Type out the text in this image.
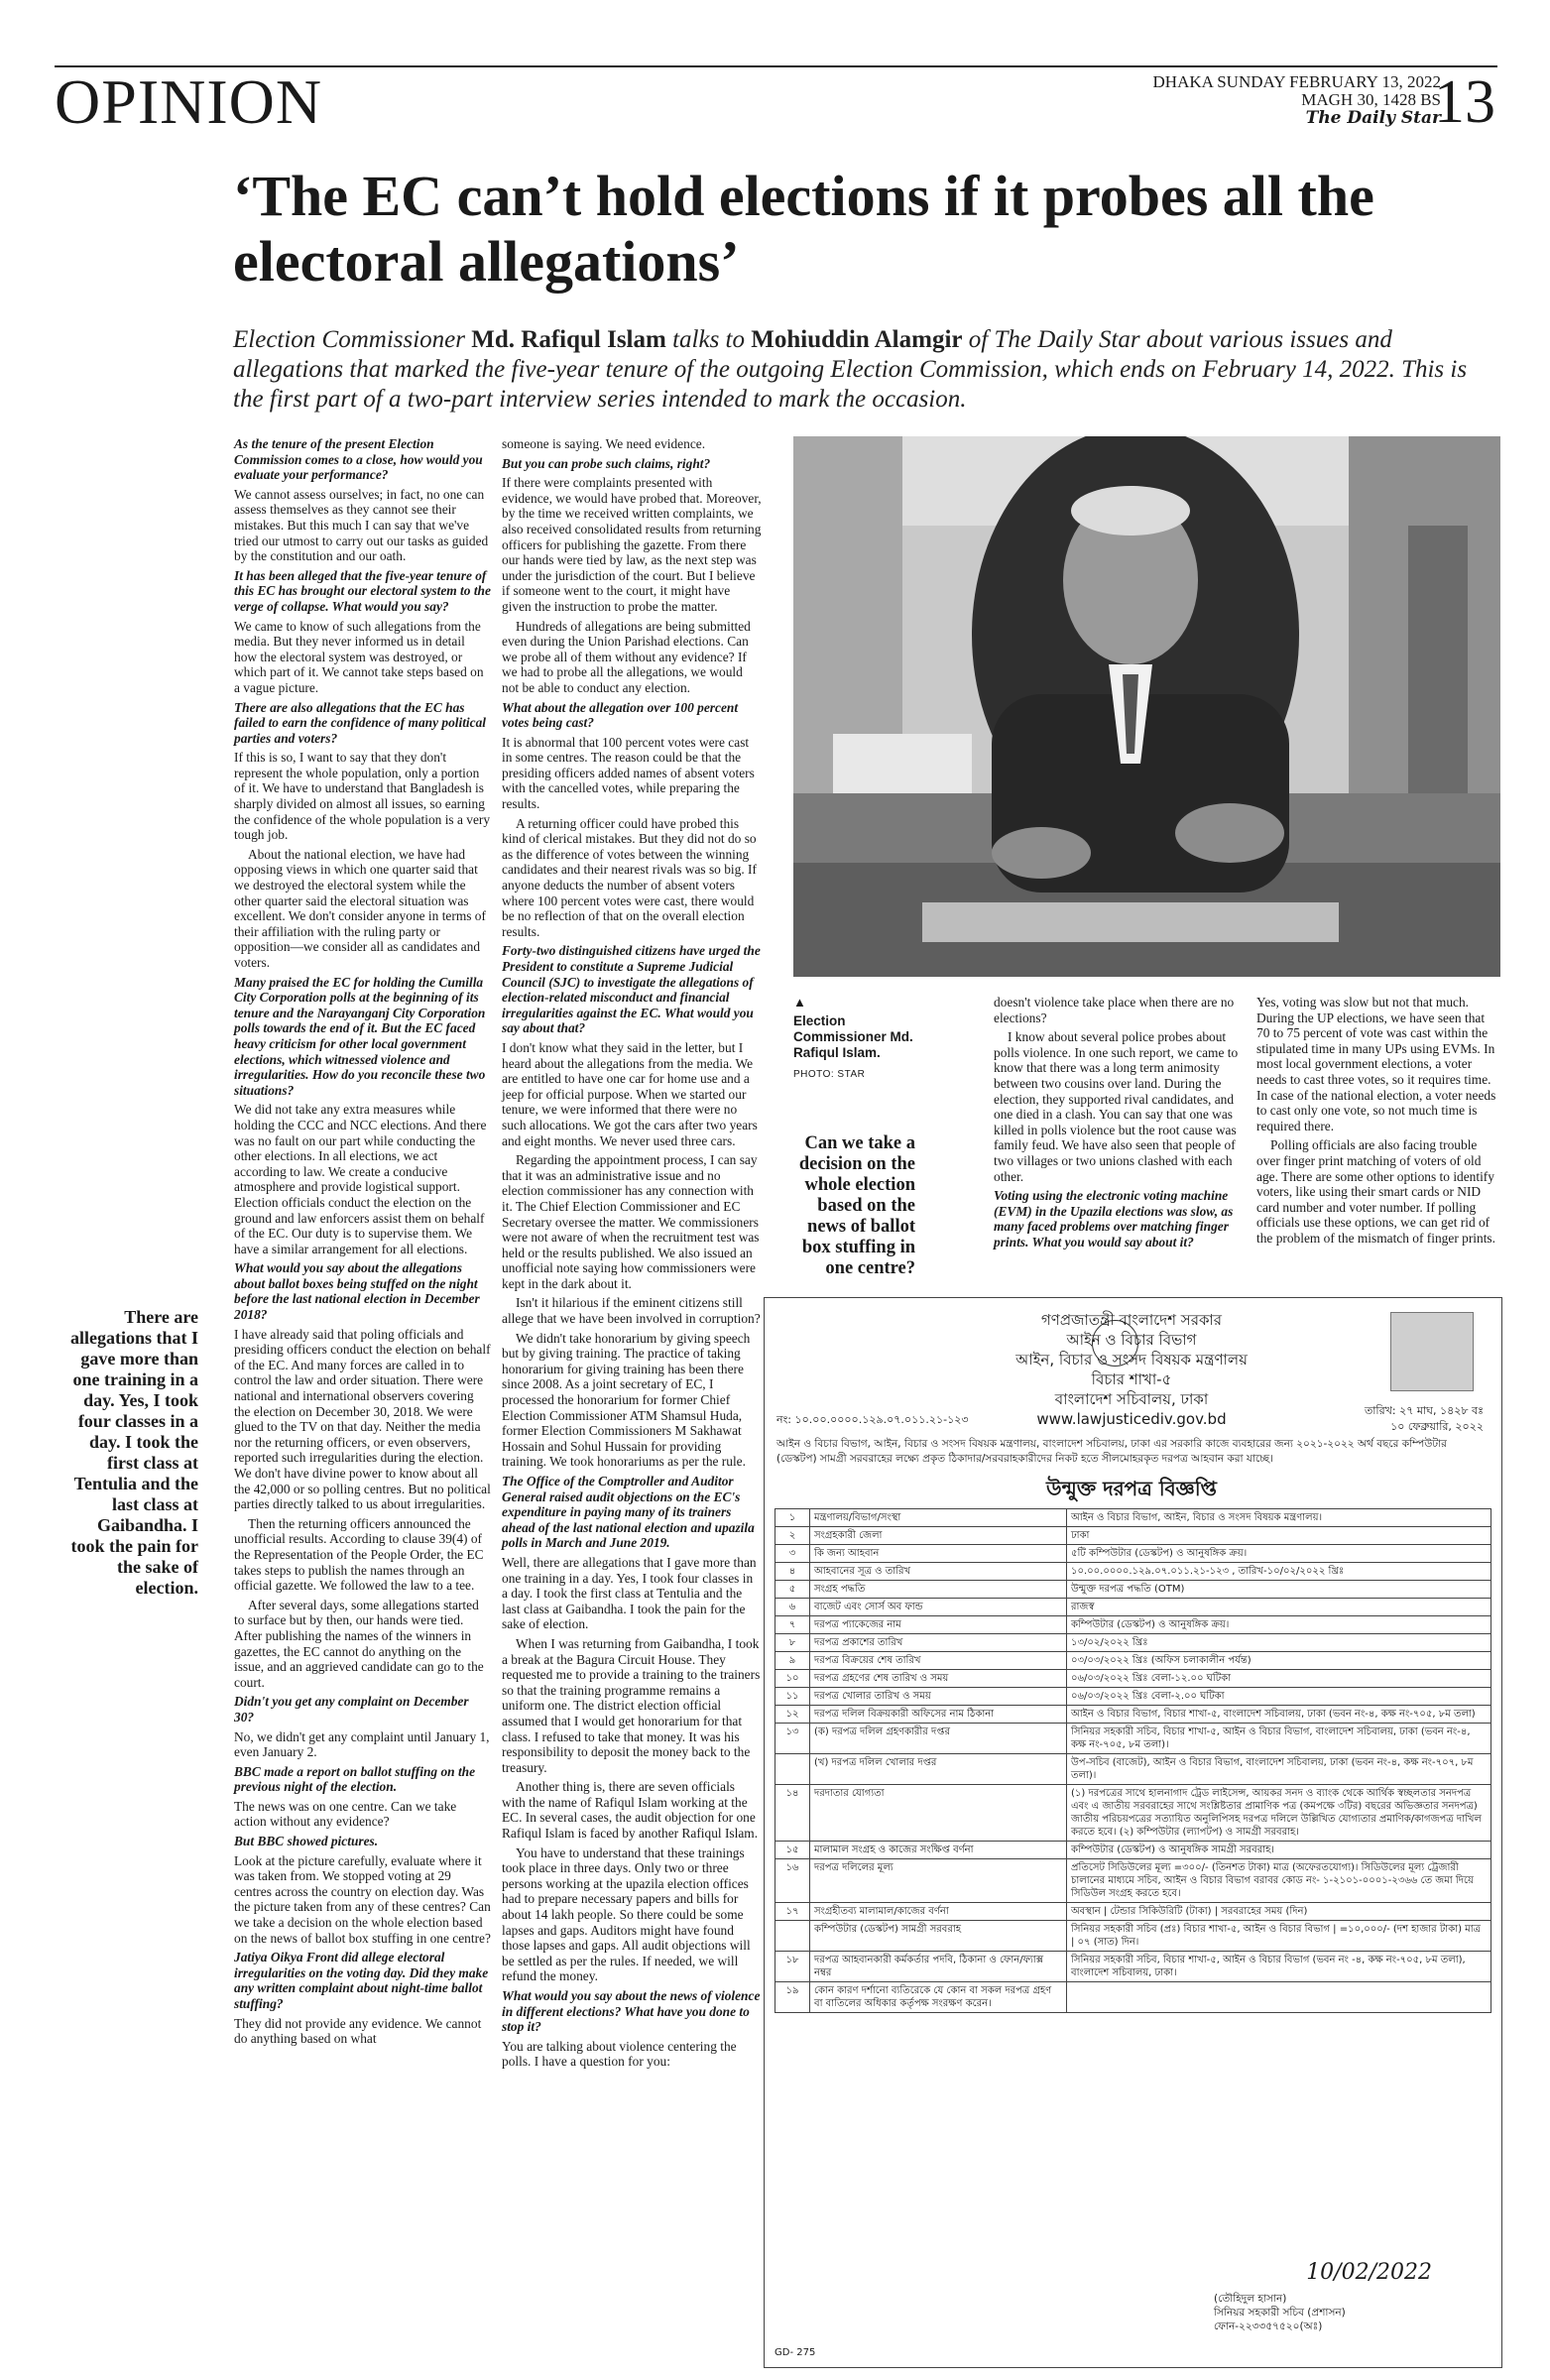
OPINION	DHAKA SUNDAY FEBRUARY 13, 2022
MAGH 30, 1428 BS
The Daily Star
13
‘The EC can’t hold elections if it probes all the electoral allegations’
Election Commissioner Md. Rafiqul Islam talks to Mohiuddin Alamgir of The Daily Star about various issues and allegations that marked the five-year tenure of the outgoing Election Commission, which ends on February 14, 2022. This is the first part of a two-part interview series intended to mark the occasion.
There are allegations that I gave more than one training in a day. Yes, I took four classes in a day. I took the first class at Tentulia and the last class at Gaibandha. I took the pain for the sake of election.

As the tenure of the present Election Commission comes to a close, how would you evaluate your performance?

We cannot assess ourselves; in fact, no one can assess themselves as they cannot see their mistakes. But this much I can say that we've tried our utmost to carry out our tasks as guided by the constitution and our oath.

It has been alleged that the five-year tenure of this EC has brought our electoral system to the verge of collapse. What would you say?

We came to know of such allegations from the media. But they never informed us in detail how the electoral system was destroyed, or which part of it. We cannot take steps based on a vague picture.

There are also allegations that the EC has failed to earn the confidence of many political parties and voters?

If this is so, I want to say that they don't represent the whole population, only a portion of it. We have to understand that Bangladesh is sharply divided on almost all issues, so earning the confidence of the whole population is a very tough job.

About the national election, we have had opposing views in which one quarter said that we destroyed the electoral system while the other quarter said the electoral situation was excellent. We don't consider anyone in terms of their affiliation with the ruling party or opposition—we consider all as candidates and voters.

Many praised the EC for holding the Cumilla City Corporation polls at the beginning of its tenure and the Narayanganj City Corporation polls towards the end of it. But the EC faced heavy criticism for other local government elections, which witnessed violence and irregularities. How do you reconcile these two situations?

We did not take any extra measures while holding the CCC and NCC elections. And there was no fault on our part while conducting the other elections. In all elections, we act according to law. We create a conducive atmosphere and provide logistical support. Election officials conduct the election on the ground and law enforcers assist them on behalf of the EC. Our duty is to supervise them. We have a similar arrangement for all elections.

What would you say about the allegations about ballot boxes being stuffed on the night before the last national election in December 2018?

I have already said that poling officials and presiding officers conduct the election on behalf of the EC. And many forces are called in to control the law and order situation. There were national and international observers covering the election on December 30, 2018. We were glued to the TV on that day. Neither the media nor the returning officers, or even observers, reported such irregularities during the election. We don't have divine power to know about all the 42,000 or so polling centres. But no political parties directly talked to us about irregularities.

Then the returning officers announced the unofficial results. According to clause 39(4) of the Representation of the People Order, the EC takes steps to publish the names through an official gazette. We followed the law to a tee.

After several days, some allegations started to surface but by then, our hands were tied. After publishing the names of the winners in gazettes, the EC cannot do anything on the issue, and an aggrieved candidate can go to the court.

Didn't you get any complaint on December 30?

No, we didn't get any complaint until January 1, even January 2.

BBC made a report on ballot stuffing on the previous night of the election.

The news was on one centre. Can we take action without any evidence?

But BBC showed pictures.

Look at the picture carefully, evaluate where it was taken from. We stopped voting at 29 centres across the country on election day. Was the picture taken from any of these centres? Can we take a decision on the whole election based on the news of ballot box stuffing in one centre?

Jatiya Oikya Front did allege electoral irregularities on the voting day. Did they make any written complaint about night-time ballot stuffing?

They did not provide any evidence. We cannot do anything based on what

someone is saying. We need evidence.

But you can probe such claims, right?

If there were complaints presented with evidence, we would have probed that. Moreover, by the time we received written complaints, we also received consolidated results from returning officers for publishing the gazette. From there our hands were tied by law, as the next step was under the jurisdiction of the court. But I believe if someone went to the court, it might have given the instruction to probe the matter.

Hundreds of allegations are being submitted even during the Union Parishad elections. Can we probe all of them without any evidence? If we had to probe all the allegations, we would not be able to conduct any election.

What about the allegation over 100 percent votes being cast?

It is abnormal that 100 percent votes were cast in some centres. The reason could be that the presiding officers added names of absent voters with the cancelled votes, while preparing the results.

A returning officer could have probed this kind of clerical mistakes. But they did not do so as the difference of votes between the winning candidates and their nearest rivals was so big. If anyone deducts the number of absent voters where 100 percent votes were cast, there would be no reflection of that on the overall election results.

Forty-two distinguished citizens have urged the President to constitute a Supreme Judicial Council (SJC) to investigate the allegations of election-related misconduct and financial irregularities against the EC. What would you say about that?

I don't know what they said in the letter, but I heard about the allegations from the media. We are entitled to have one car for home use and a jeep for official purpose. When we started our tenure, we were informed that there were no such allocations. We got the cars after two years and eight months. We never used three cars.

Regarding the appointment process, I can say that it was an administrative issue and no election commissioner has any connection with it. The Chief Election Commissioner and EC Secretary oversee the matter. We commissioners were not aware of when the recruitment test was held or the results published. We also issued an unofficial note saying how commissioners were kept in the dark about it.

Isn't it hilarious if the eminent citizens still allege that we have been involved in corruption?

We didn't take honorarium by giving speech but by giving training. The practice of taking honorarium for giving training has been there since 2008. As a joint secretary of EC, I processed the honorarium for former Chief Election Commissioner ATM Shamsul Huda, former Election Commissioners M Sakhawat Hossain and Sohul Hussain for providing training. We took honorariums as per the rule.

The Office of the Comptroller and Auditor General raised audit objections on the EC's expenditure in paying many of its trainers ahead of the last national election and upazila polls in March and June 2019.

Well, there are allegations that I gave more than one training in a day. Yes, I took four classes in a day. I took the first class at Tentulia and the last class at Gaibandha. I took the pain for the sake of election.

When I was returning from Gaibandha, I took a break at the Bagura Circuit House. They requested me to provide a training to the trainers so that the training programme remains a uniform one. The district election official assumed that I would get honorarium for that class. I refused to take that money. It was his responsibility to deposit the money back to the treasury.

Another thing is, there are seven officials with the name of Rafiqul Islam working at the EC. In several cases, the audit objection for one Rafiqul Islam is faced by another Rafiqul Islam.

You have to understand that these trainings took place in three days. Only two or three persons working at the upazila election offices had to prepare necessary papers and bills for about 14 lakh people. So there could be some lapses and gaps. Auditors might have found those lapses and gaps. All audit objections will be settled as per the rules. If needed, we will refund the money.

What would you say about the news of violence in different elections? What have you done to stop it?

You are talking about violence centering the polls. I have a question for you:

▲
Election Commissioner Md. Rafiqul Islam.
PHOTO: STAR
Can we take a decision on the whole election based on the news of ballot box stuffing in one centre?

doesn't violence take place when there are no elections?

I know about several police probes about polls violence. In one such report, we came to know that there was a long term animosity between two cousins over land. During the election, they supported rival candidates, and one died in a clash. You can say that one was killed in polls violence but the root cause was family feud. We have also seen that people of two villages or two unions clashed with each other.

Voting using the electronic voting machine (EVM) in the Upazila elections was slow, as many faced problems over matching finger prints. What you would say about it?

Yes, voting was slow but not that much. During the UP elections, we have seen that 70 to 75 percent of vote was cast within the stipulated time in many UPs using EVMs. In most local government elections, a voter needs to cast three votes, so it requires time. In case of the national election, a voter needs to cast only one vote, so not much time is required there.

Polling officials are also facing trouble over finger print matching of voters of old age. There are some other options to identify voters, like using their smart cards or NID card number and voter number. If polling officials use these options, we can get rid of the problem of the mismatch of finger prints.

গণপ্রজাতন্ত্রী বাংলাদেশ সরকার
আইন ও বিচার বিভাগ
আইন, বিচার ও সংসদ বিষয়ক মন্ত্রণালয়
বিচার শাখা-৫
বাংলাদেশ সচিবালয়, ঢাকা
www.lawjusticediv.gov.bd
নং: ১০.০০.০০০০.১২৯.০৭.০১১.২১-১২৩
তারিখ: ২৭ মাঘ, ১৪২৮ বঃ
১০ ফেব্রুয়ারি, ২০২২
আইন ও বিচার বিভাগ, আইন, বিচার ও সংসদ বিষয়ক মন্ত্রণালয়, বাংলাদেশ সচিবালয়, ঢাকা এর সরকারি কাজে ব্যবহারের জন্য ২০২১-২০২২ অর্থ বছরে কম্পিউটার (ডেস্কটপ) সামগ্রী সরবরাহের লক্ষ্যে প্রকৃত ঠিকাদার/সরবরাহকারীদের নিকট হতে সীলমোহরকৃত দরপত্র আহবান করা যাচ্ছে।
উন্মুক্ত দরপত্র বিজ্ঞপ্তি
১	মন্ত্রণালয়/বিভাগ/সংস্থা	আইন ও বিচার বিভাগ, আইন, বিচার ও সংসদ বিষয়ক মন্ত্রণালয়।
২	সংগ্রহকারী জেলা	ঢাকা
৩	কি জন্য আহবান	৫টি কম্পিউটার (ডেস্কটপ) ও আনুষঙ্গিক ক্রয়।
৪	আহবানের সূত্র ও তারিখ	১০.০০.০০০০.১২৯.০৭.০১১.২১-১২৩ , তারিখ-১০/০২/২০২২ খ্রিঃ
৫	সংগ্রহ পদ্ধতি	উন্মুক্ত দরপত্র পদ্ধতি (OTM)
৬	বাজেট এবং সোর্স অব ফান্ড	রাজস্ব
৭	দরপত্র প্যাকেজের নাম	কম্পিউটার (ডেস্কটপ) ও আনুষঙ্গিক ক্রয়।
৮	দরপত্র প্রকাশের তারিখ	১৩/০২/২০২২ খ্রিঃ
৯	দরপত্র বিক্রয়ের শেষ তারিখ	০৩/০৩/২০২২ খ্রিঃ (অফিস চলাকালীন পর্যন্ত)
১০	দরপত্র গ্রহণের শেষ তারিখ ও সময়	০৬/০৩/২০২২ খ্রিঃ বেলা-১২.০০ ঘটিকা
১১	দরপত্র খোলার তারিখ ও সময়	০৬/০৩/২০২২ খ্রিঃ বেলা-২.০০ ঘটিকা
১২	দরপত্র দলিল বিক্রয়কারী অফিসের নাম ঠিকানা	আইন ও বিচার বিভাগ, বিচার শাখা-৫, বাংলাদেশ সচিবালয়, ঢাকা (ভবন নং-৪, কক্ষ নং-৭০৫, ৮ম তলা)
১৩	(ক) দরপত্র দলিল গ্রহণকারীর দপ্তর	সিনিয়র সহকারী সচিব, বিচার শাখা-৫, আইন ও বিচার বিভাগ, বাংলাদেশ সচিবালয়, ঢাকা (ভবন নং-৪, কক্ষ নং-৭০৫, ৮ম তলা)।
	(খ) দরপত্র দলিল খোলার দপ্তর	উপ-সচিব (বাজেট), আইন ও বিচার বিভাগ, বাংলাদেশ সচিবালয়, ঢাকা (ভবন নং-৪, কক্ষ নং-৭০৭, ৮ম তলা)।
১৪	দরদাতার যোগ্যতা	(১) দরপত্রের সাথে হালনাগাদ ট্রেড লাইসেন্স, আয়কর সনদ ও ব্যাংক থেকে আর্থিক স্বচ্ছলতার সনদপত্র এবং এ জাতীয় সরবরাহের সাথে সংশ্লিষ্টতার প্রামাণিক পত্র (কমপক্ষে ৩টির) বছরের অভিজ্ঞতার সনদপত্র) জাতীয় পরিচয়পত্রের সত্যায়িত অনুলিপিসহ দরপত্র দলিলে উল্লিখিত যোগ্যতার প্রমাণিক/কাগজপত্র দাখিল করতে হবে। (২) কম্পিউটার (ল্যাপটপ) ও সামগ্রী সরবরাহ।
১৫	মালামাল সংগ্রহ ও কাজের সংক্ষিপ্ত বর্ণনা	কম্পিউটার (ডেস্কটপ) ও আনুষঙ্গিক সামগ্রী সরবরাহ।
১৬	দরপত্র দলিলের মূল্য	প্রতিসেট সিডিউলের মূল্য =৩০০/- (তিনশত টাকা) মাত্র (অফেরতযোগ্য)। সিডিউলের মূল্য ট্রেজারী চালানের মাধ্যমে সচিব, আইন ও বিচার বিভাগ বরাবর কোড নং- ১-২১০১-০০০১-২৩৬৬ তে জমা দিয়ে সিডিউল সংগ্রহ করতে হবে।
১৭	সংগ্রহীতব্য মালামাল/কাজের বর্ণনা	অবস্থান | টেন্ডার সিকিউরিটি (টাকা) | সরবরাহের সময় (দিন)
	কম্পিউটার (ডেস্কটপ) সামগ্রী সরবরাহ	সিনিয়র সহকারী সচিব (প্রঃ) বিচার শাখা-৫, আইন ও বিচার বিভাগ | =১০,০০০/- (দশ হাজার টাকা) মাত্র | ০৭ (সাত) দিন।
১৮	দরপত্র আহবানকারী কর্মকর্তার পদবি, ঠিকানা ও ফোন/ফ্যাক্স নম্বর	সিনিয়র সহকারী সচিব, বিচার শাখা-৫, আইন ও বিচার বিভাগ (ভবন নং -৪, কক্ষ নং-৭০৫, ৮ম তলা), বাংলাদেশ সচিবালয়, ঢাকা।
১৯	কোন কারণ দর্শানো ব্যতিরেকে যে কোন বা সকল দরপত্র গ্রহণ বা বাতিলের অধিকার কর্তৃপক্ষ সংরক্ষণ করেন।	
10/02/2022
(তৌহিদুল হাসান)
সিনিয়র সহকারী সচিব (প্রশাসন)
ফোন-২২৩৩৫৭৫২০(অঃ)
GD- 275
